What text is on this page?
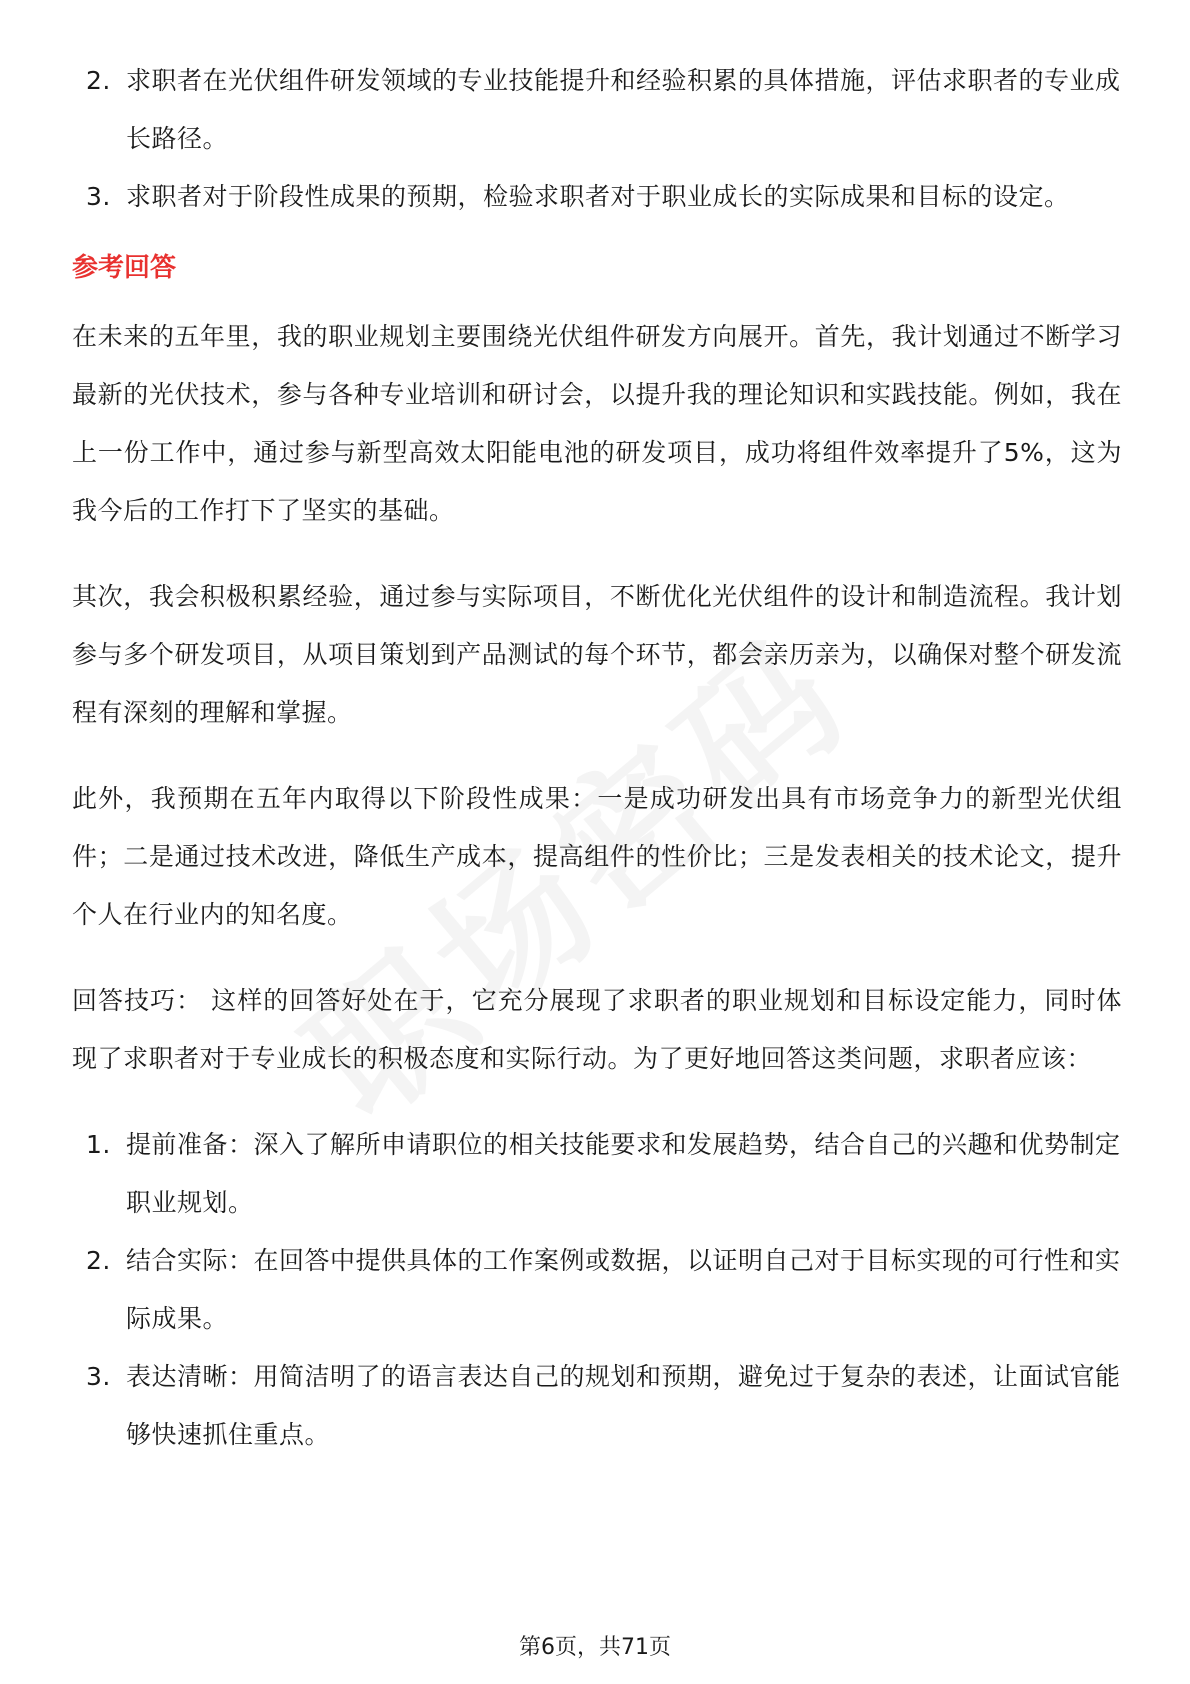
2. 求职者在光伏组件研发领域的专业技能提升和经验积累的具体措施，评估求职者的专业成长路径。
3. 求职者对于阶段性成果的预期，检验求职者对于职业成长的实际成果和目标的设定。
参考回答

在未来的五年里，我的职业规划主要围绕光伏组件研发方向展开。首先，我计划通过不断学习最新的光伏技术，参与各种专业培训和研讨会，以提升我的理论知识和实践技能。例如，我在上一份工作中，通过参与新型高效太阳能电池的研发项目，成功将组件效率提升了5%，这为我今后的工作打下了坚实的基础。

其次，我会积极积累经验，通过参与实际项目，不断优化光伏组件的设计和制造流程。我计划参与多个研发项目，从项目策划到产品测试的每个环节，都会亲历亲为，以确保对整个研发流程有深刻的理解和掌握。

此外，我预期在五年内取得以下阶段性成果：一是成功研发出具有市场竞争力的新型光伏组件；二是通过技术改进，降低生产成本，提高组件的性价比；三是发表相关的技术论文，提升个人在行业内的知名度。

回答技巧： 这样的回答好处在于，它充分展现了求职者的职业规划和目标设定能力，同时体现了求职者对于专业成长的积极态度和实际行动。为了更好地回答这类问题，求职者应该：

1. 提前准备：深入了解所申请职位的相关技能要求和发展趋势，结合自己的兴趣和优势制定职业规划。
2. 结合实际：在回答中提供具体的工作案例或数据，以证明自己对于目标实现的可行性和实际成果。
3. 表达清晰：用简洁明了的语言表达自己的规划和预期，避免过于复杂的表述，让面试官能够快速抓住重点。
第6页，共71页
